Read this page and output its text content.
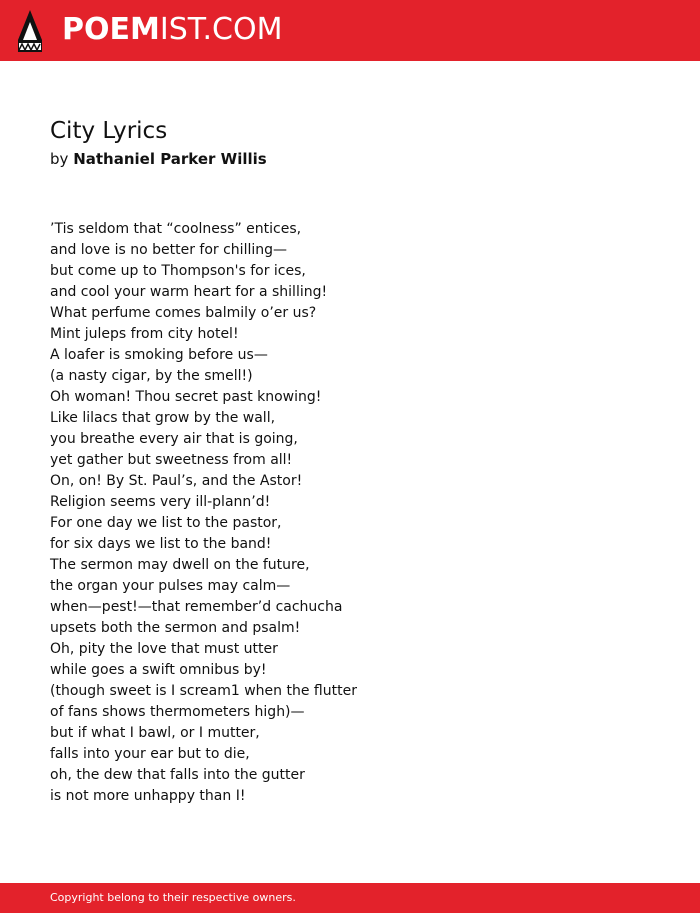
POEMIST.COM
City Lyrics
by Nathaniel Parker Willis
’Tis seldom that “coolness” entices,
and love is no better for chilling—
but come up to Thompson's for ices,
and cool your warm heart for a shilling!
What perfume comes balmily o’er us?
Mint juleps from city hotel!
A loafer is smoking before us—
(a nasty cigar, by the smell!)
Oh woman! Thou secret past knowing!
Like lilacs that grow by the wall,
you breathe every air that is going,
yet gather but sweetness from all!
On, on! By St. Paul’s, and the Astor!
Religion seems very ill-plann’d!
For one day we list to the pastor,
for six days we list to the band!
The sermon may dwell on the future,
the organ your pulses may calm—
when—pest!—that remember’d cachucha
upsets both the sermon and psalm!
Oh, pity the love that must utter
while goes a swift omnibus by!
(though sweet is I scream1 when the flutter
of fans shows thermometers high)—
but if what I bawl, or I mutter,
falls into your ear but to die,
oh, the dew that falls into the gutter
is not more unhappy than I!
Copyright belong to their respective owners.
